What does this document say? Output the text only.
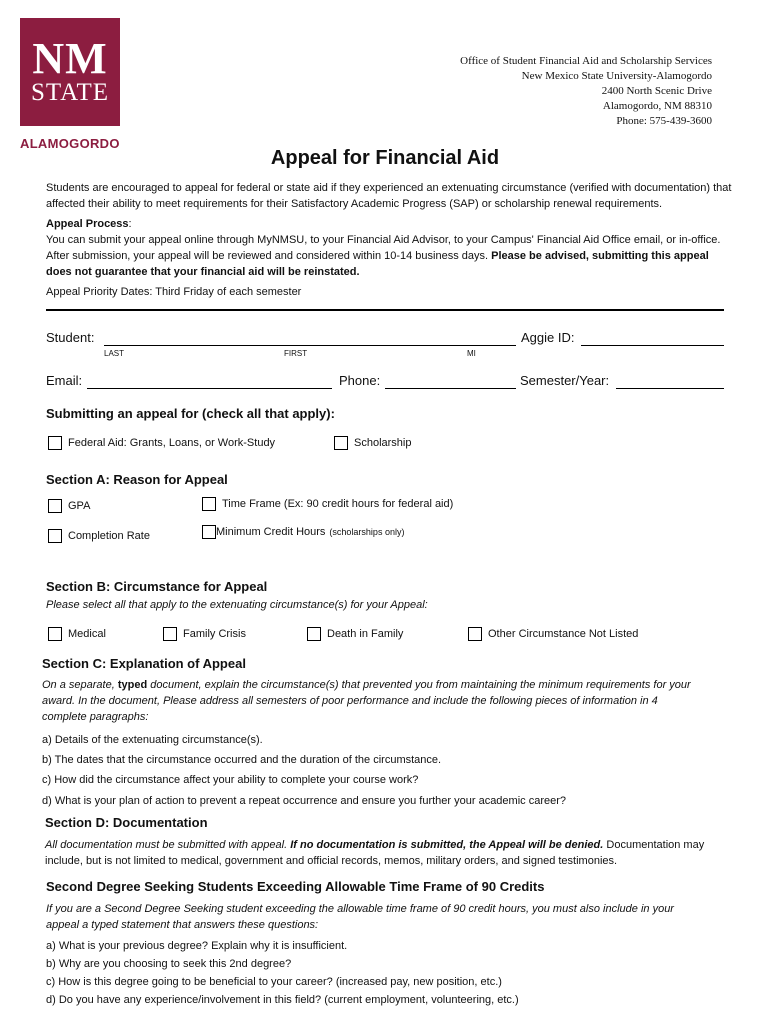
NM
STATE
ALAMOGORDO
Office of Student Financial Aid and Scholarship Services
New Mexico State University-Alamogordo
2400 North Scenic Drive
Alamogordo, NM 88310
Phone: 575-439-3600
Appeal for Financial Aid
Students are encouraged to appeal for federal or state aid if they experienced an extenuating circumstance (verified with documentation) that affected their ability to meet requirements for their Satisfactory Academic Progress (SAP) or scholarship renewal requirements.
Appeal Process:
You can submit your appeal online through MyNMSU, to your Financial Aid Advisor, to your Campus' Financial Aid Office email, or in-office. After submission, your appeal will be reviewed and considered within 10-14 business days. Please be advised, submitting this appeal does not guarantee that your financial aid will be reinstated.
Appeal Priority Dates: Third Friday of each semester
Student:
LAST	FIRST	MI
Aggie ID:
Email:	Phone:	Semester/Year:
Submitting an appeal for (check all that apply):
Federal Aid: Grants, Loans, or Work-Study	Scholarship
Section A: Reason for Appeal
GPA	Time Frame (Ex: 90 credit hours for federal aid)
Completion Rate	Minimum Credit Hours (scholarships only)
Section B: Circumstance for Appeal
Please select all that apply to the extenuating circumstance(s) for your Appeal:
Medical	Family Crisis	Death in Family	Other Circumstance Not Listed
Section C: Explanation of Appeal
On a separate, typed document, explain the circumstance(s) that prevented you from maintaining the minimum requirements for your award. In the document, Please address all semesters of poor performance and include the following pieces of information in 4 complete paragraphs:
a) Details of the extenuating circumstance(s).
b) The dates that the circumstance occurred and the duration of the circumstance.
c) How did the circumstance affect your ability to complete your course work?
d) What is your plan of action to prevent a repeat occurrence and ensure you further your academic career?
Section D: Documentation
All documentation must be submitted with appeal. If no documentation is submitted, the Appeal will be denied. Documentation may include, but is not limited to medical, government and official records, memos, military orders, and signed testimonies.
Second Degree Seeking Students Exceeding Allowable Time Frame of 90 Credits
If you are a Second Degree Seeking student exceeding the allowable time frame of 90 credit hours, you must also include in your appeal a typed statement that answers these questions:
a) What is your previous degree? Explain why it is insufficient.
b) Why are you choosing to seek this 2nd degree?
c) How is this degree going to be beneficial to your career? (increased pay, new position, etc.)
d) Do you have any experience/involvement in this field? (current employment, volunteering, etc.)
